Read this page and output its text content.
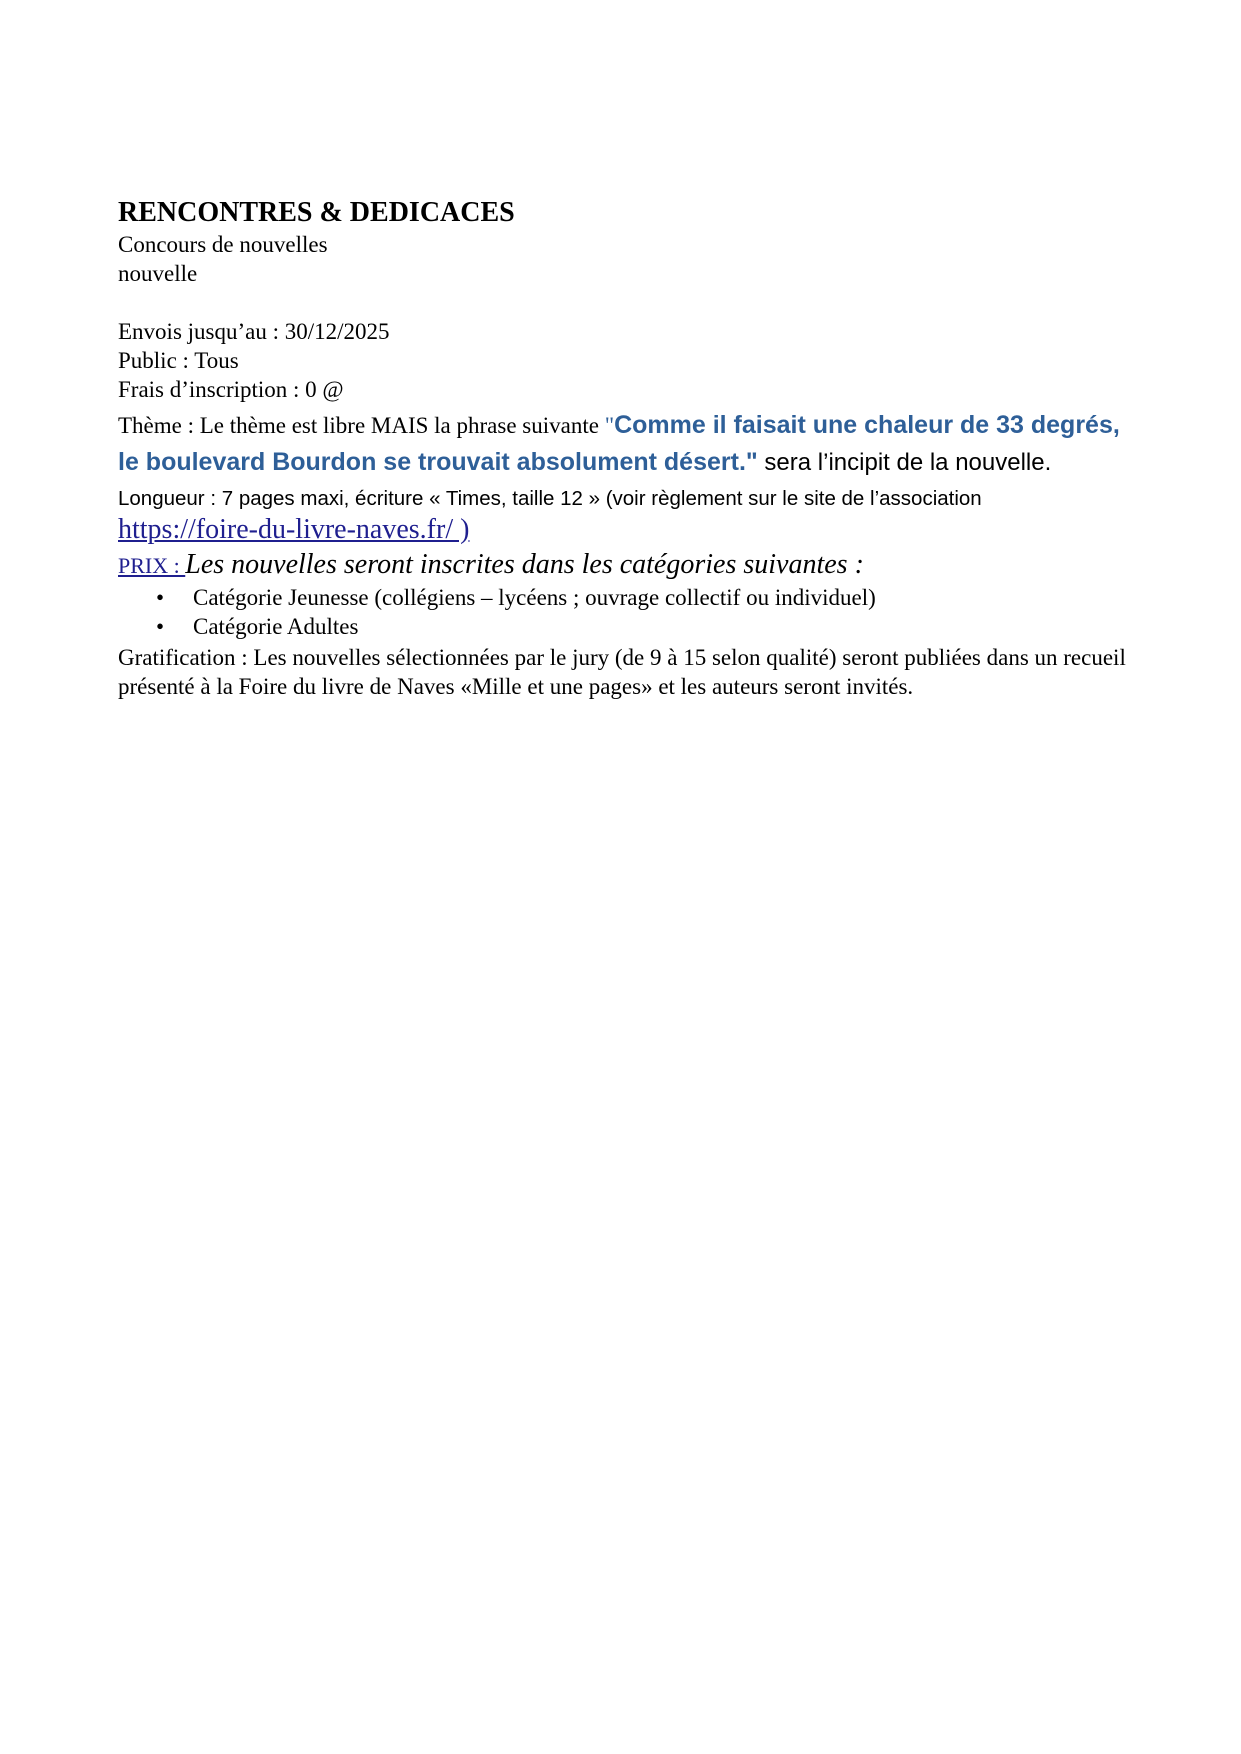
RENCONTRES & DEDICACES

Concours de nouvelles
nouvelle
Envois jusqu’au : 30/12/2025
Public : Tous
Frais d’inscription : 0 @

Thème : Le thème est libre MAIS la phrase suivante "Comme il faisait une chaleur de 33 degrés, le boulevard Bourdon se trouvait absolument désert." sera l’incipit de la nouvelle.

Longueur : 7 pages maxi, écriture « Times, taille 12 » (voir règlement sur le site de l’association
https://foire-du-livre-naves.fr/ )

PRIX : Les nouvelles seront inscrites dans les catégories suivantes :

• Catégorie Jeunesse (collégiens – lycéens ; ouvrage collectif ou individuel)
• Catégorie Adultes

Gratification : Les nouvelles sélectionnées par le jury (de 9 à 15 selon qualité) seront publiées dans un recueil présenté à la Foire du livre de Naves «Mille et une pages» et les auteurs seront invités.
